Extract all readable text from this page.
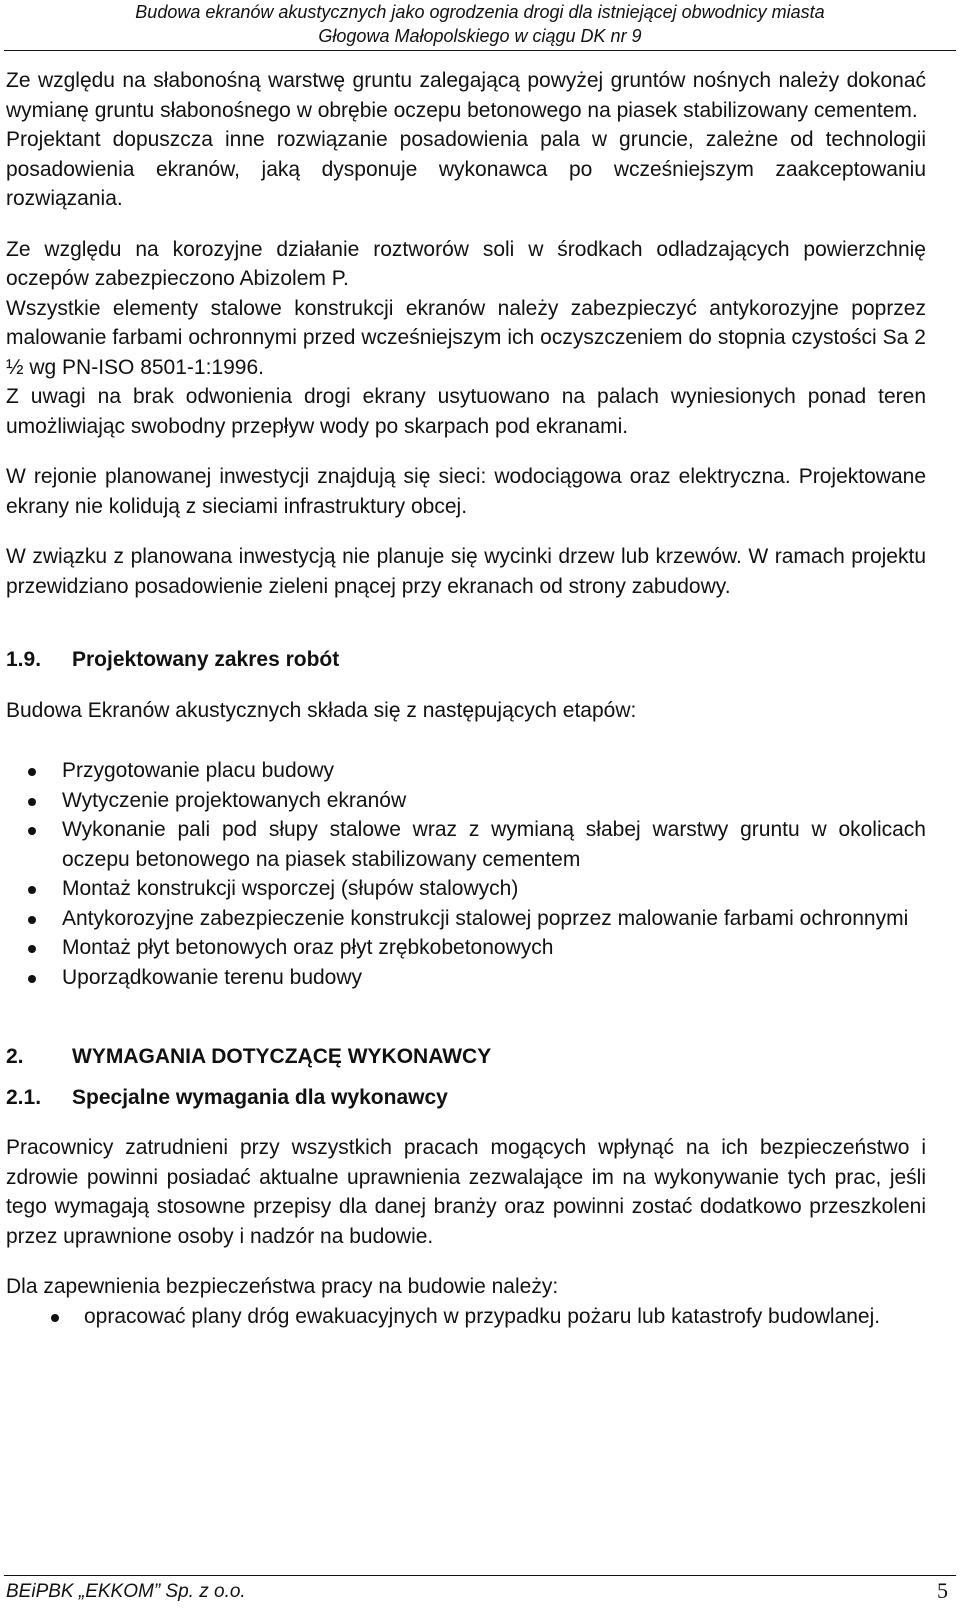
Budowa ekranów akustycznych jako ogrodzenia drogi dla istniejącej obwodnicy miasta
Głogowa Małopolskiego w ciągu DK nr 9

Ze względu na słabonośną warstwę gruntu zalegającą powyżej gruntów nośnych należy dokonać wymianę gruntu słabonośnego w obrębie oczepu betonowego na piasek stabilizowany cementem.

Projektant dopuszcza inne rozwiązanie posadowienia pala w gruncie, zależne od technologii posadowienia ekranów, jaką dysponuje wykonawca po wcześniejszym zaakceptowaniu rozwiązania.

Ze względu na korozyjne działanie roztworów soli w środkach odladzających powierzchnię oczepów zabezpieczono Abizolem P.

Wszystkie elementy stalowe konstrukcji ekranów należy zabezpieczyć antykorozyjne poprzez malowanie farbami ochronnymi przed wcześniejszym ich oczyszczeniem do stopnia czystości Sa 2 ½ wg PN-ISO 8501-1:1996.

Z uwagi na brak odwonienia drogi ekrany usytuowano na palach wyniesionych ponad teren umożliwiając swobodny przepływ wody po skarpach pod ekranami.

W rejonie planowanej inwestycji znajdują się sieci: wodociągowa oraz elektryczna. Projektowane ekrany nie kolidują z sieciami infrastruktury obcej.

W związku z planowana inwestycją nie planuje się wycinki drzew lub krzewów. W ramach projektu przewidziano posadowienie zieleni pnącej przy ekranach od strony zabudowy.

1.9.	Projektowany zakres robót

Budowa Ekranów akustycznych składa się z następujących etapów:

Przygotowanie placu budowy
Wytyczenie projektowanych ekranów
Wykonanie pali pod słupy stalowe wraz z wymianą słabej warstwy gruntu w okolicach oczepu betonowego na piasek stabilizowany cementem
Montaż konstrukcji wsporczej (słupów stalowych)
Antykorozyjne zabezpieczenie konstrukcji stalowej poprzez malowanie farbami ochronnymi
Montaż płyt betonowych oraz płyt zrębkobetonowych
Uporządkowanie terenu budowy
2.	WYMAGANIA DOTYCZĄCĘ WYKONAWCY
2.1.	Specjalne wymagania dla wykonawcy

Pracownicy zatrudnieni przy wszystkich pracach mogących wpłynąć na ich bezpieczeństwo i zdrowie powinni posiadać aktualne uprawnienia zezwalające im na wykonywanie tych prac, jeśli tego wymagają stosowne przepisy dla danej branży oraz powinni zostać dodatkowo przeszkoleni przez uprawnione osoby i nadzór na budowie.

Dla zapewnienia bezpieczeństwa pracy na budowie należy:

opracować plany dróg ewakuacyjnych w przypadku pożaru lub katastrofy budowlanej.
BEiPBK „EKKOM” Sp. z o.o.	5
